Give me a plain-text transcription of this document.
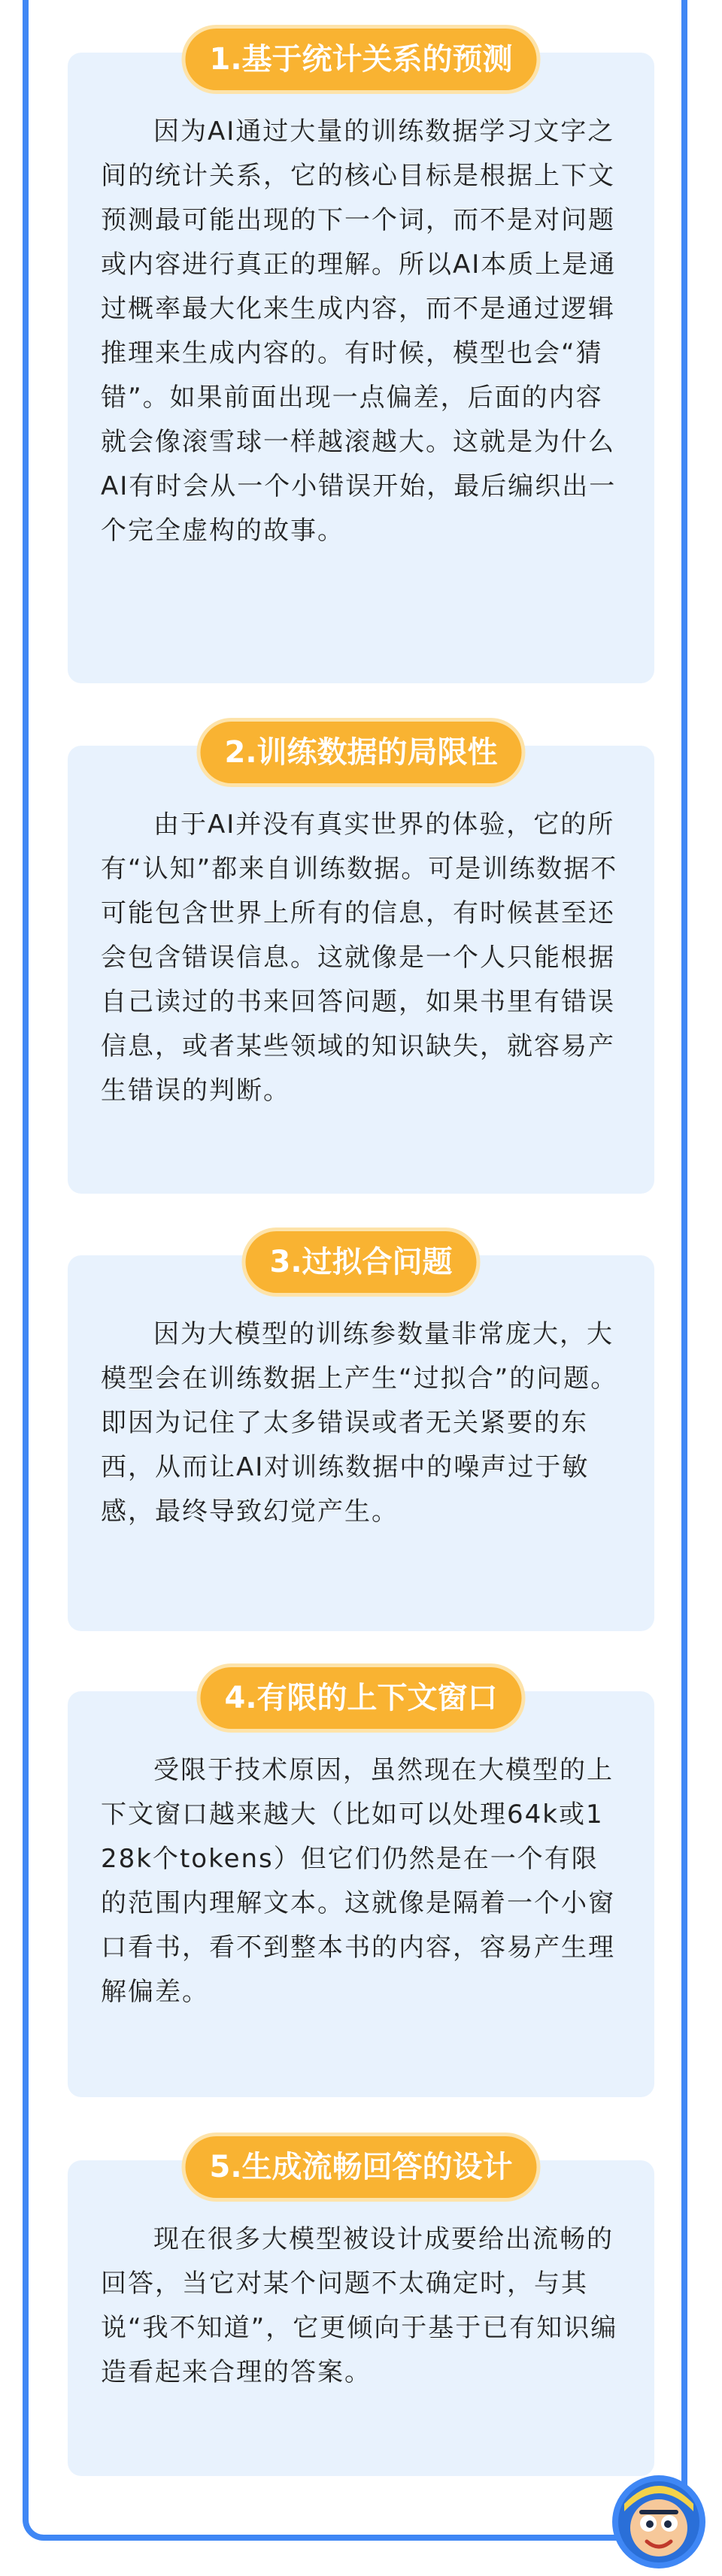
1.基于统计关系的预测

因为AI通过大量的训练数据学习文字之间的统计关系，它的核心目标是根据上下文预测最可能出现的下一个词，而不是对问题或内容进行真正的理解。所以AI本质上是通过概率最大化来生成内容，而不是通过逻辑推理来生成内容的。有时候，模型也会“猜错”。如果前面出现一点偏差，后面的内容就会像滚雪球一样越滚越大。这就是为什么AI有时会从一个小错误开始，最后编织出一个完全虚构的故事。

2.训练数据的局限性

由于AI并没有真实世界的体验，它的所有“认知”都来自训练数据。可是训练数据不可能包含世界上所有的信息，有时候甚至还会包含错误信息。这就像是一个人只能根据自己读过的书来回答问题，如果书里有错误信息，或者某些领域的知识缺失，就容易产生错误的判断。

3.过拟合问题

因为大模型的训练参数量非常庞大，大模型会在训练数据上产生“过拟合”的问题。即因为记住了太多错误或者无关紧要的东西，从而让AI对训练数据中的噪声过于敏感，最终导致幻觉产生。

4.有限的上下文窗口

受限于技术原因，虽然现在大模型的上下文窗口越来越大（比如可以处理64k或128k个tokens）但它们仍然是在一个有限的范围内理解文本。这就像是隔着一个小窗口看书，看不到整本书的内容，容易产生理解偏差。

5.生成流畅回答的设计

现在很多大模型被设计成要给出流畅的回答，当它对某个问题不太确定时，与其说“我不知道”，它更倾向于基于已有知识编造看起来合理的答案。
